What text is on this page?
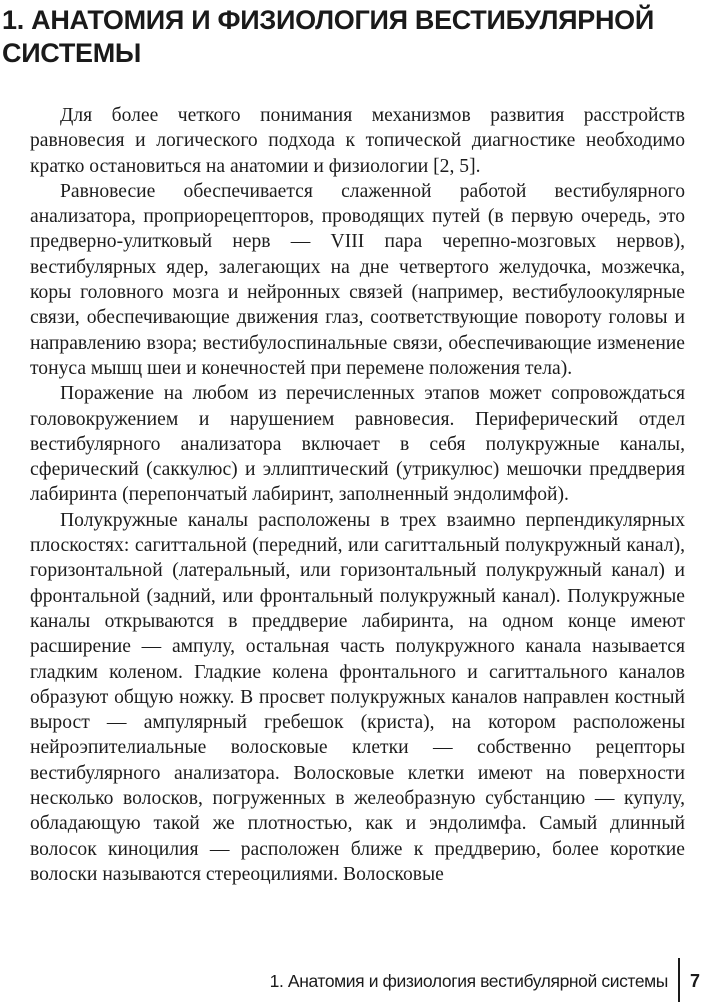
1. АНАТОМИЯ И ФИЗИОЛОГИЯ ВЕСТИБУЛЯРНОЙ СИСТЕМЫ

Для более четкого понимания механизмов развития расстройств равновесия и логического подхода к топической диагностике необходимо кратко остановиться на анатомии и физиологии [2, 5].

Равновесие обеспечивается слаженной работой вестибулярного анализатора, проприорецепторов, проводящих путей (в первую очередь, это предверно-улитковый нерв — VIII пара черепно-мозговых нервов), вестибулярных ядер, залегающих на дне четвертого желудочка, мозжечка, коры головного мозга и нейронных связей (например, вестибулоокулярные связи, обеспечивающие движения глаз, соответствующие повороту головы и направлению взора; вестибулоспинальные связи, обеспечивающие изменение тонуса мышц шеи и конечностей при перемене положения тела).

Поражение на любом из перечисленных этапов может сопровождаться головокружением и нарушением равновесия. Периферический отдел вестибулярного анализатора включает в себя полукружные каналы, сферический (саккулюс) и эллиптический (утрикулюс) мешочки преддверия лабиринта (перепончатый лабиринт, заполненный эндолимфой).

Полукружные каналы расположены в трех взаимно перпендикулярных плоскостях: сагиттальной (передний, или сагиттальный полукружный канал), горизонтальной (латеральный, или горизонтальный полукружный канал) и фронтальной (задний, или фронтальный полукружный канал). Полукружные каналы открываются в преддверие лабиринта, на одном конце имеют расширение — ампулу, остальная часть полукружного канала называется гладким коленом. Гладкие колена фронтального и сагиттального каналов образуют общую ножку. В просвет полукружных каналов направлен костный вырост — ампулярный гребешок (криста), на котором расположены нейроэпителиальные волосковые клетки — собственно рецепторы вестибулярного анализатора. Волосковые клетки имеют на поверхности несколько волосков, погруженных в желеобразную субстанцию — купулу, обладающую такой же плотностью, как и эндолимфа. Самый длинный волосок киноцилия — расположен ближе к преддверию, более короткие волоски называются стереоцилиями. Волосковые

1. Анатомия и физиология вестибулярной системы	7
